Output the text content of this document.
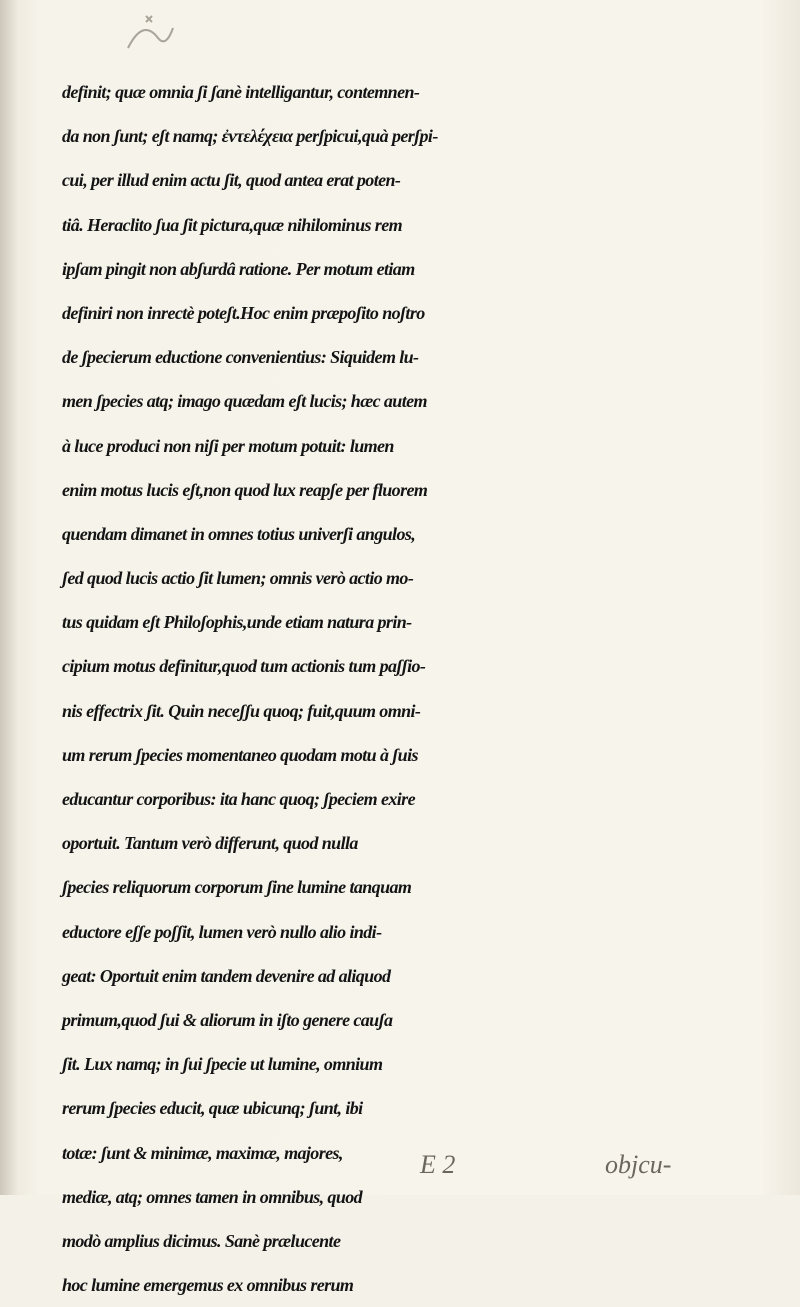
definit; quæ omnia ʃi ʃanè intelligantur, contemnen-
da non ʃunt; eʃt namq; ἐντελέχεια perʃpicui,quà perʃpi-
cui, per illud enim actu ʃit, quod antea erat poten-
tiâ. Heraclito ʃua ʃit pictura,quæ nihilominus rem
ipʃam pingit non abʃurdâ ratione. Per motum etiam
definiri non inrectè poteʃt.Hoc enim præpoʃito noʃtro
de ʃpecierum eductione convenientius: Siquidem lu-
men ʃpecies atq; imago quædam eʃt lucis; hæc autem
à luce produci non niʃi per motum potuit: lumen
enim motus lucis eʃt,non quod lux reapʃe per fluorem
quendam dimanet in omnes totius univerʃi angulos,
ʃed quod lucis actio ʃit lumen; omnis verò actio mo-
tus quidam eʃt Philoʃophis,unde etiam natura prin-
cipium motus definitur,quod tum actionis tum paʃʃio-
nis effectrix ʃit. Quin neceʃʃu quoq; fuit,quum omni-
um rerum ʃpecies momentaneo quodam motu à ʃuis
educantur corporibus: ita hanc quoq; ʃpeciem exire
oportuit. Tantum verò differunt, quod nulla
ʃpecies reliquorum corporum ʃine lumine tanquam
eductore eʃʃe poʃʃit, lumen verò nullo alio indi-
geat: Oportuit enim tandem devenire ad aliquod
primum,quod ʃui & aliorum in iʃto genere cauʃa
ʃit. Lux namq; in ʃui ʃpecie ut lumine, omnium
rerum ʃpecies educit, quæ ubicunq; ʃunt, ibi
totæ: ʃunt & minimæ, maximæ, majores,
mediæ, atq; omnes tamen in omnibus, quod
modò amplius dicimus. Sanè prælucente
hoc lumine emergemus ex omnibus rerum
E 2	objcu-
